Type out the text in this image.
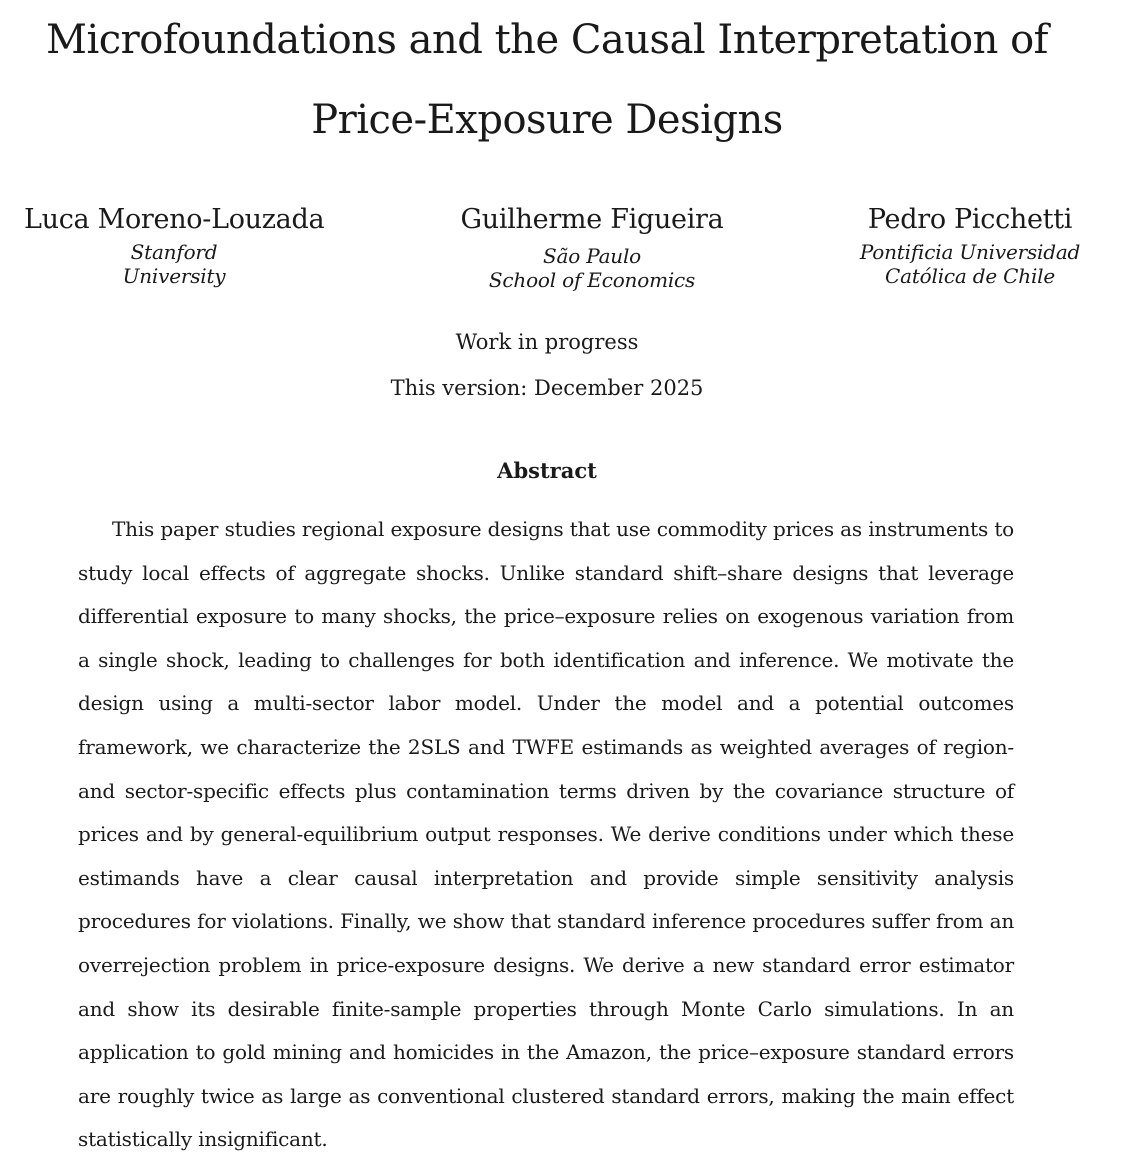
Microfoundations and the Causal Interpretation of
Price-Exposure Designs
Luca Moreno-Louzada
Stanford
University
Guilherme Figueira
São Paulo
School of Economics
Pedro Picchetti
Pontificia Universidad
Católica de Chile
Work in progress
This version: December 2025
Abstract

This paper studies regional exposure designs that use commodity prices as instruments to study local effects of aggregate shocks. Unlike standard shift–share designs that leverage differential exposure to many shocks, the price–exposure relies on exogenous variation from a single shock, leading to challenges for both identification and inference. We motivate the design using a multi-sector labor model. Under the model and a potential outcomes framework, we characterize the 2SLS and TWFE estimands as weighted averages of region- and sector-specific effects plus contamination terms driven by the covariance structure of prices and by general-equilibrium output responses. We derive conditions under which these estimands have a clear causal interpretation and provide simple sensitivity analysis procedures for violations. Finally, we show that standard inference procedures suffer from an overrejection problem in price-exposure designs. We derive a new standard error estimator and show its desirable finite-sample properties through Monte Carlo simulations. In an application to gold mining and homicides in the Amazon, the price–exposure standard errors are roughly twice as large as conventional clustered standard errors, making the main effect statistically insignificant.
